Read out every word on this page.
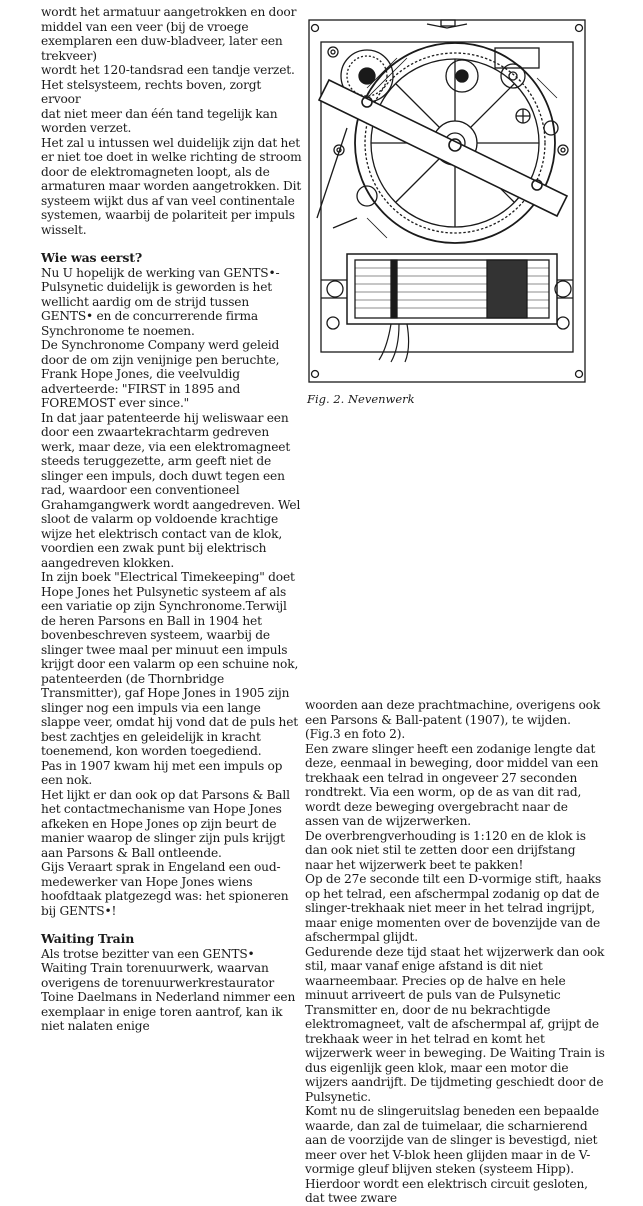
wordt het armatuur aangetrokken en door

middel van een veer (bij de vroege exemplaren een duw-bladveer, later een trekveer)

wordt het 120-tandsrad een tandje verzet.

Het stelsysteem, rechts boven, zorgt ervoor

dat niet meer dan één tand tegelijk kan worden verzet.

Het zal u intussen wel duidelijk zijn dat het er niet toe doet in welke richting de stroom door de elektromagneten loopt, als de armaturen maar worden aangetrokken. Dit systeem wijkt dus af van veel continentale systemen, waarbij de polariteit per impuls wisselt.

Wie was eerst?

Nu U hopelijk de werking van GENTS•-Pulsynetic duidelijk is geworden is het wellicht aardig om de strijd tussen GENTS• en de concurrerende firma Synchronome te noemen.

De Synchronome Company werd geleid door de om zijn venijnige pen beruchte, Frank Hope Jones, die veelvuldig adverteerde: "FIRST in 1895 and FOREMOST ever since."

In dat jaar patenteerde hij weliswaar een door een zwaartekrachtarm gedreven werk, maar deze, via een elektromagneet steeds teruggezette, arm geeft niet de slinger een impuls, doch duwt tegen een rad, waardoor een conventioneel Grahamgangwerk wordt aangedreven. Wel sloot de valarm op voldoende krachtige wijze het elektrisch contact van de klok, voordien een zwak punt bij elektrisch aangedreven klokken.

In zijn boek "Electrical Timekeeping" doet Hope Jones het Pulsynetic systeem af als een variatie op zijn Synchronome.Terwijl de heren Parsons en Ball in 1904 het bovenbeschreven systeem, waarbij de slinger twee maal per minuut een impuls krijgt door een valarm op een schuine nok, patenteerden (de Thornbridge Transmitter), gaf Hope Jones in 1905 zijn slinger nog een impuls via een lange slappe veer, omdat hij vond dat de puls het best zachtjes en geleidelijk in kracht toenemend, kon worden toegediend.

Pas in 1907 kwam hij met een impuls op een nok.

Het lijkt er dan ook op dat Parsons & Ball het contactmechanisme van Hope Jones afkeken en Hope Jones op zijn beurt de manier waarop de slinger zijn puls krijgt aan Parsons & Ball ontleende.

Gijs Veraart sprak in Engeland een oud-medewerker van Hope Jones wiens hoofdtaak platgezegd was: het spioneren bij GENTS•!

Waiting Train

Als trotse bezitter van een GENTS• Waiting Train torenuurwerk, waarvan overigens de torenuurwerkrestaurator Toine Daelmans in Nederland nimmer een exemplaar in enige toren aantrof, kan ik niet nalaten enige

Fig. 2. Nevenwerk

woorden aan deze prachtmachine, overigens ook een Parsons & Ball-patent (1907), te wijden. (Fig.3 en foto 2).

Een zware slinger heeft een zodanige lengte dat deze, eenmaal in beweging, door middel van een trekhaak een telrad in ongeveer 27 seconden rondtrekt. Via een worm, op de as van dit rad, wordt deze beweging overgebracht naar de assen van de wijzerwerken.

De overbrengverhouding is 1:120 en de klok is dan ook niet stil te zetten door een drijfstang naar het wijzerwerk beet te pakken!

Op de 27e seconde tilt een D-vormige stift, haaks op het telrad, een afschermpal zodanig op dat de slinger-trekhaak niet meer in het telrad ingrijpt, maar enige momenten over de bovenzijde van de afschermpal glijdt.

Gedurende deze tijd staat het wijzerwerk dan ook stil, maar vanaf enige afstand is dit niet waarneembaar. Precies op de halve en hele minuut arriveert de puls van de Pulsynetic Transmitter en, door de nu bekrachtigde elektromagneet, valt de afschermpal af, grijpt de trekhaak weer in het telrad en komt het wijzerwerk weer in beweging. De Waiting Train is dus eigenlijk geen klok, maar een motor die wijzers aandrijft. De tijdmeting geschiedt door de Pulsynetic.

Komt nu de slingeruitslag beneden een bepaalde waarde, dan zal de tuimelaar, die scharnierend aan de voorzijde van de slinger is bevestigd, niet meer over het V-blok heen glijden maar in de V-vormige gleuf blijven steken (systeem Hipp). Hierdoor wordt een elektrisch circuit gesloten, dat twee zware
